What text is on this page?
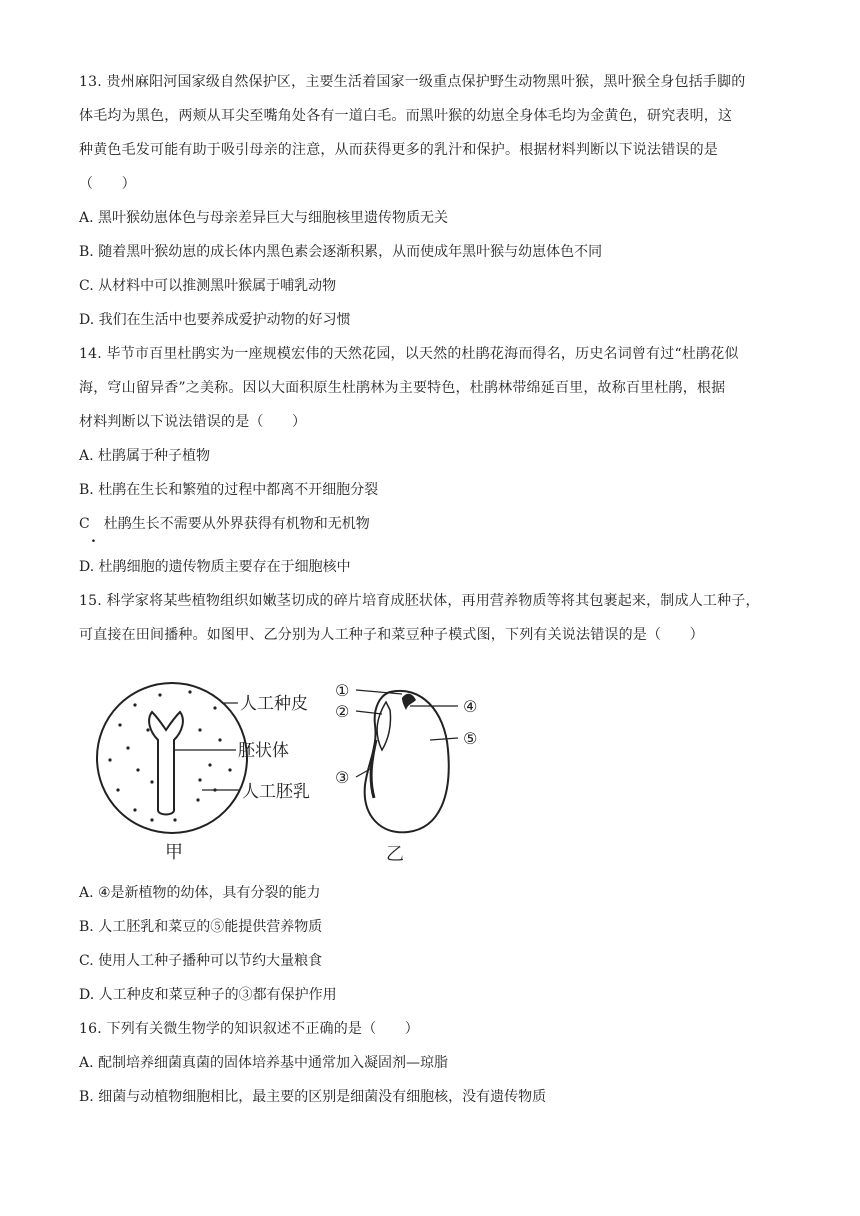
13. 贵州麻阳河国家级自然保护区，主要生活着国家一级重点保护野生动物黑叶猴，黑叶猴全身包括手脚的
体毛均为黑色，两颊从耳尖至嘴角处各有一道白毛。而黑叶猴的幼崽全身体毛均为金黄色，研究表明，这
种黄色毛发可能有助于吸引母亲的注意，从而获得更多的乳汁和保护。根据材料判断以下说法错误的是
（　　）
A. 黑叶猴幼崽体色与母亲差异巨大与细胞核里遗传物质无关
B. 随着黑叶猴幼崽的成长体内黑色素会逐渐积累，从而使成年黑叶猴与幼崽体色不同
C. 从材料中可以推测黑叶猴属于哺乳动物
D. 我们在生活中也要养成爱护动物的好习惯
14. 毕节市百里杜鹃实为一座规模宏伟的天然花园，以天然的杜鹃花海而得名，历史名词曾有过“杜鹃花似
海，穹山留异香”之美称。因以大面积原生杜鹃林为主要特色，杜鹃林带绵延百里，故称百里杜鹃，根据
材料判断以下说法错误的是（　　）
A. 杜鹃属于种子植物
B. 杜鹃在生长和繁殖的过程中都离不开细胞分裂
C　杜鹃生长不需要从外界获得有机物和无机物
.
D. 杜鹃细胞的遗传物质主要存在于细胞核中
15. 科学家将某些植物组织如嫩茎切成的碎片培育成胚状体，再用营养物质等将其包裹起来，制成人工种子，
可直接在田间播种。如图甲、乙分别为人工种子和菜豆种子模式图，下列有关说法错误的是（　　）
人工种皮
胚状体
人工胚乳
甲
①
②
③
④
⑤
乙
A. ④是新植物的幼体，具有分裂的能力
B. 人工胚乳和菜豆的⑤能提供营养物质
C. 使用人工种子播种可以节约大量粮食
D. 人工种皮和菜豆种子的③都有保护作用
16. 下列有关微生物学的知识叙述不正确的是（　　）
A. 配制培养细菌真菌的固体培养基中通常加入凝固剂—琼脂
B. 细菌与动植物细胞相比，最主要的区别是细菌没有细胞核，没有遗传物质
